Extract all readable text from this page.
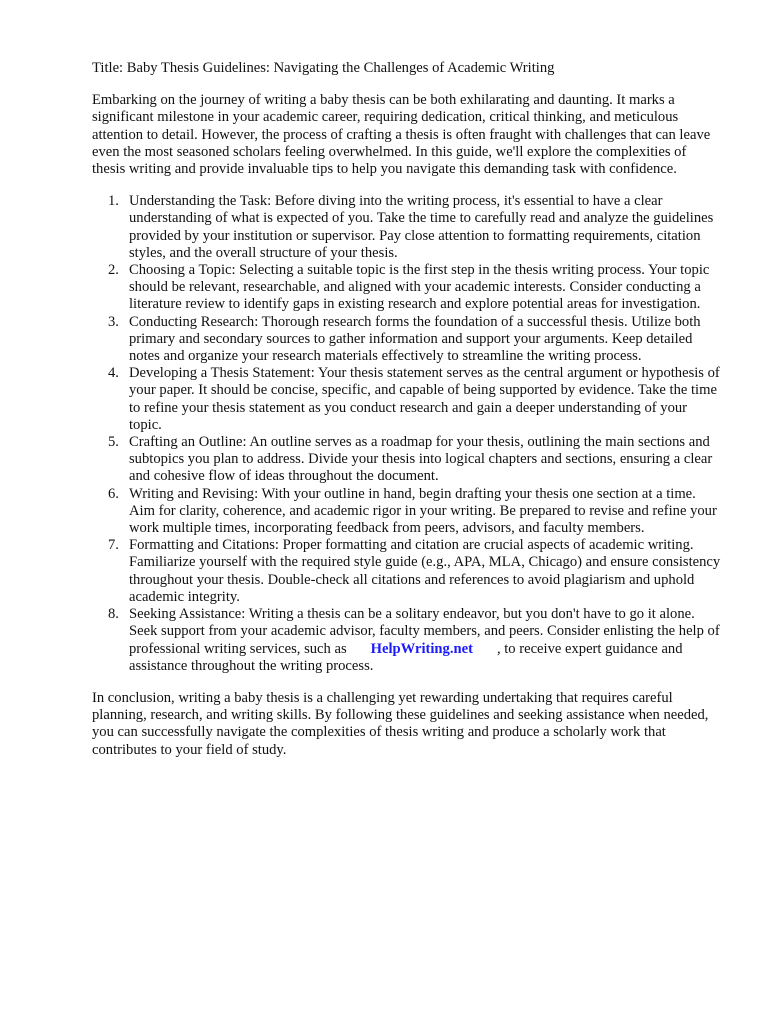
Title: Baby Thesis Guidelines: Navigating the Challenges of Academic Writing

Embarking on the journey of writing a baby thesis can be both exhilarating and daunting. It marks a significant milestone in your academic career, requiring dedication, critical thinking, and meticulous attention to detail. However, the process of crafting a thesis is often fraught with challenges that can leave even the most seasoned scholars feeling overwhelmed. In this guide, we'll explore the complexities of thesis writing and provide invaluable tips to help you navigate this demanding task with confidence.

1. Understanding the Task: Before diving into the writing process, it's essential to have a clear understanding of what is expected of you. Take the time to carefully read and analyze the guidelines provided by your institution or supervisor. Pay close attention to formatting requirements, citation styles, and the overall structure of your thesis.
2. Choosing a Topic: Selecting a suitable topic is the first step in the thesis writing process. Your topic should be relevant, researchable, and aligned with your academic interests. Consider conducting a literature review to identify gaps in existing research and explore potential areas for investigation.
3. Conducting Research: Thorough research forms the foundation of a successful thesis. Utilize both primary and secondary sources to gather information and support your arguments. Keep detailed notes and organize your research materials effectively to streamline the writing process.
4. Developing a Thesis Statement: Your thesis statement serves as the central argument or hypothesis of your paper. It should be concise, specific, and capable of being supported by evidence. Take the time to refine your thesis statement as you conduct research and gain a deeper understanding of your topic.
5. Crafting an Outline: An outline serves as a roadmap for your thesis, outlining the main sections and subtopics you plan to address. Divide your thesis into logical chapters and sections, ensuring a clear and cohesive flow of ideas throughout the document.
6. Writing and Revising: With your outline in hand, begin drafting your thesis one section at a time. Aim for clarity, coherence, and academic rigor in your writing. Be prepared to revise and refine your work multiple times, incorporating feedback from peers, advisors, and faculty members.
7. Formatting and Citations: Proper formatting and citation are crucial aspects of academic writing. Familiarize yourself with the required style guide (e.g., APA, MLA, Chicago) and ensure consistency throughout your thesis. Double-check all citations and references to avoid plagiarism and uphold academic integrity.
8. Seeking Assistance: Writing a thesis can be a solitary endeavor, but you don't have to go it alone. Seek support from your academic advisor, faculty members, and peers. Consider enlisting the help of professional writing services, such as HelpWriting.net , to receive expert guidance and assistance throughout the writing process.

In conclusion, writing a baby thesis is a challenging yet rewarding undertaking that requires careful planning, research, and writing skills. By following these guidelines and seeking assistance when needed, you can successfully navigate the complexities of thesis writing and produce a scholarly work that contributes to your field of study.
